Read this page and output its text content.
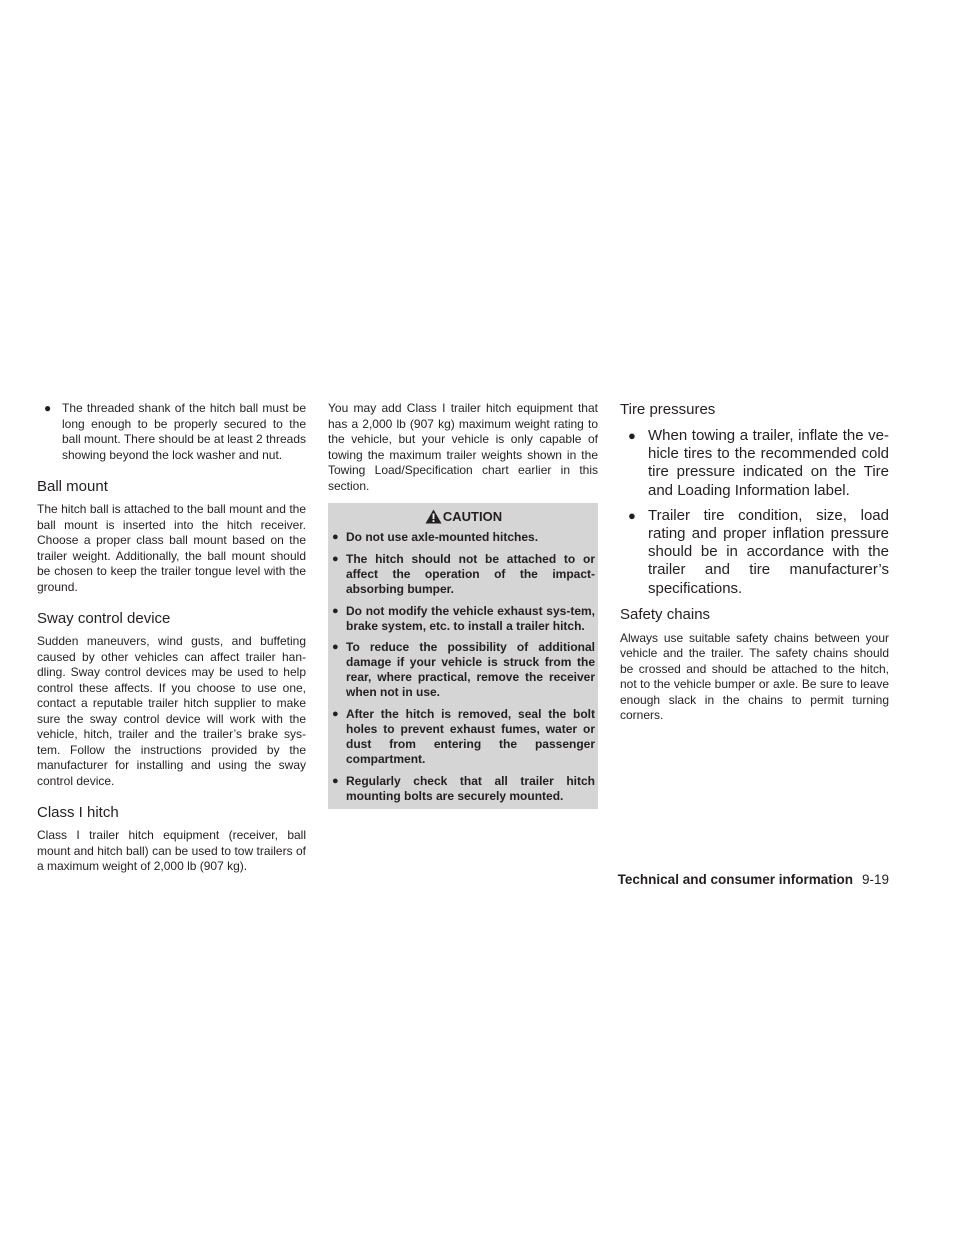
● The threaded shank of the hitch ball must be long enough to be properly secured to the ball mount. There should be at least 2 threads showing beyond the lock washer and nut.

Ball mount

The hitch ball is attached to the ball mount and the ball mount is inserted into the hitch receiver. Choose a proper class ball mount based on the trailer weight. Additionally, the ball mount should be chosen to keep the trailer tongue level with the ground.

Sway control device

Sudden maneuvers, wind gusts, and buffeting caused by other vehicles can affect trailer han-dling. Sway control devices may be used to help control these affects. If you choose to use one, contact a reputable trailer hitch supplier to make sure the sway control device will work with the vehicle, hitch, trailer and the trailer’s brake sys-tem. Follow the instructions provided by the manufacturer for installing and using the sway control device.

Class I hitch

Class I trailer hitch equipment (receiver, ball mount and hitch ball) can be used to tow trailers of a maximum weight of 2,000 lb (907 kg).

You may add Class I trailer hitch equipment that has a 2,000 lb (907 kg) maximum weight rating to the vehicle, but your vehicle is only capable of towing the maximum trailer weights shown in the Towing Load/Specification chart earlier in this section.

CAUTION

● Do not use axle-mounted hitches.

● The hitch should not be attached to or affect the operation of the impact-absorbing bumper.

● Do not modify the vehicle exhaust sys-tem, brake system, etc. to install a trailer hitch.

● To reduce the possibility of additional damage if your vehicle is struck from the rear, where practical, remove the receiver when not in use.

● After the hitch is removed, seal the bolt holes to prevent exhaust fumes, water or dust from entering the passenger compartment.

● Regularly check that all trailer hitch mounting bolts are securely mounted.

Tire pressures

● When towing a trailer, inflate the ve-hicle tires to the recommended cold tire pressure indicated on the Tire and Loading Information label.

● Trailer tire condition, size, load rating and proper inflation pressure should be in accordance with the trailer and tire manufacturer’s specifications.

Safety chains

Always use suitable safety chains between your vehicle and the trailer. The safety chains should be crossed and should be attached to the hitch, not to the vehicle bumper or axle. Be sure to leave enough slack in the chains to permit turning corners.

Technical and consumer information 9-19
